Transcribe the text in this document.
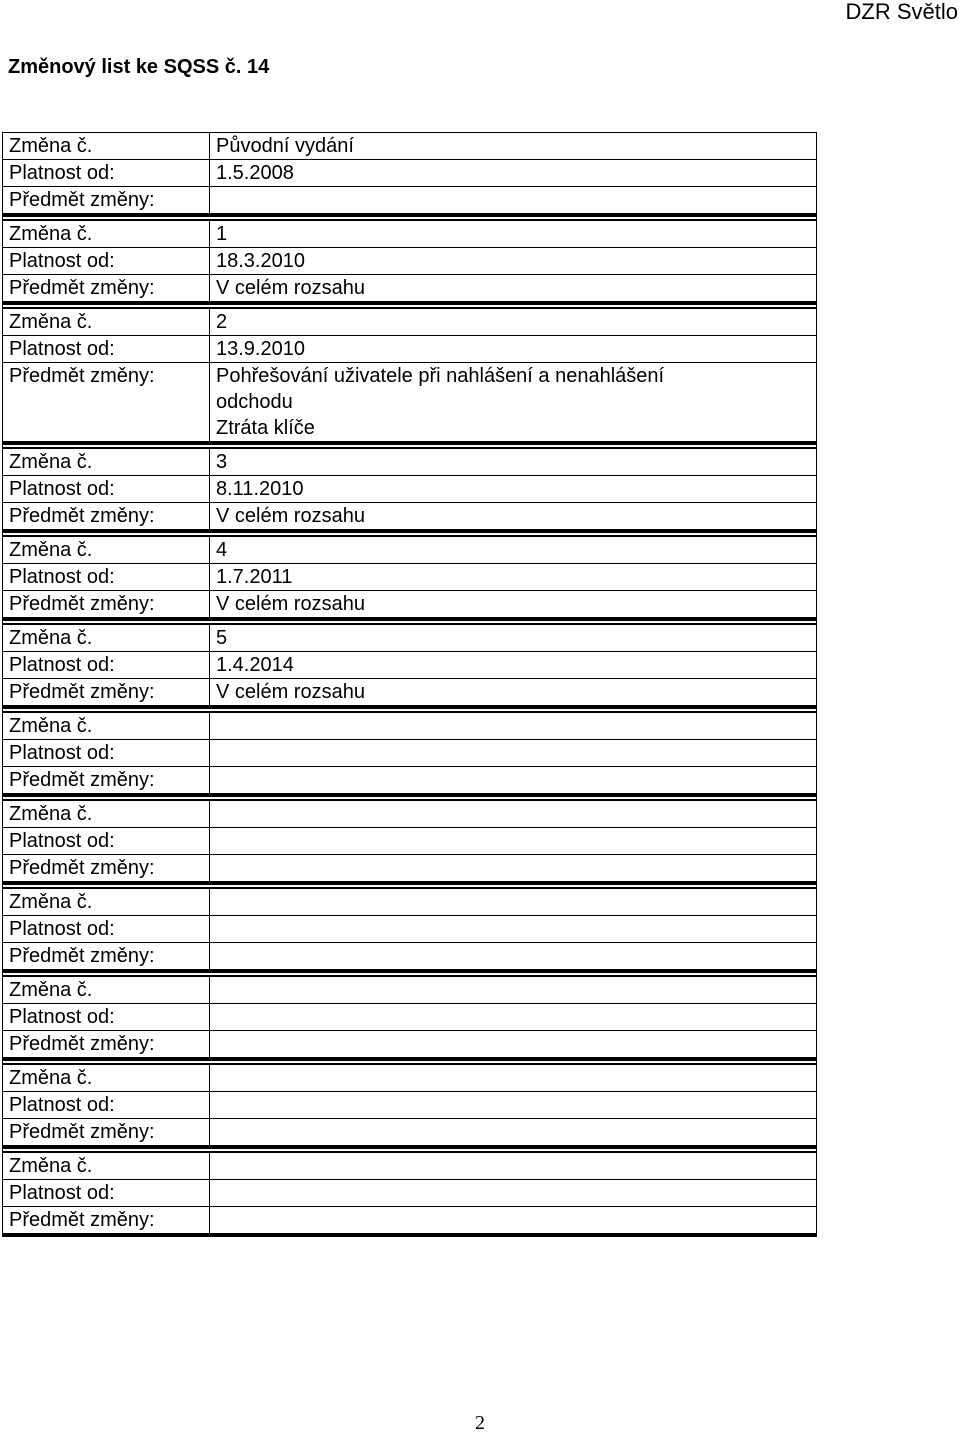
DZR Světlo
Změnový list ke SQSS č. 14
Změna č.	Původní vydání
Platnost od:	1.5.2008
Předmět změny:

Změna č.	1
Platnost od:	18.3.2010
Předmět změny:	V celém rozsahu
Změna č.	2
Platnost od:	13.9.2010
Předmět změny:	Pohřešování uživatele při nahlášení a nenahlášení
odchodu
Ztráta klíče
Změna č.	3
Platnost od:	8.11.2010
Předmět změny:	V celém rozsahu
Změna č.	4
Platnost od:	1.7.2011
Předmět změny:	V celém rozsahu
Změna č.	5
Platnost od:	1.4.2014
Předmět změny:	V celém rozsahu
Změna č.
Platnost od:
Předmět změny:

Změna č.
Platnost od:
Předmět změny:

Změna č.
Platnost od:
Předmět změny:

Změna č.
Platnost od:
Předmět změny:

Změna č.
Platnost od:
Předmět změny:

Změna č.
Platnost od:
Předmět změny:

2
